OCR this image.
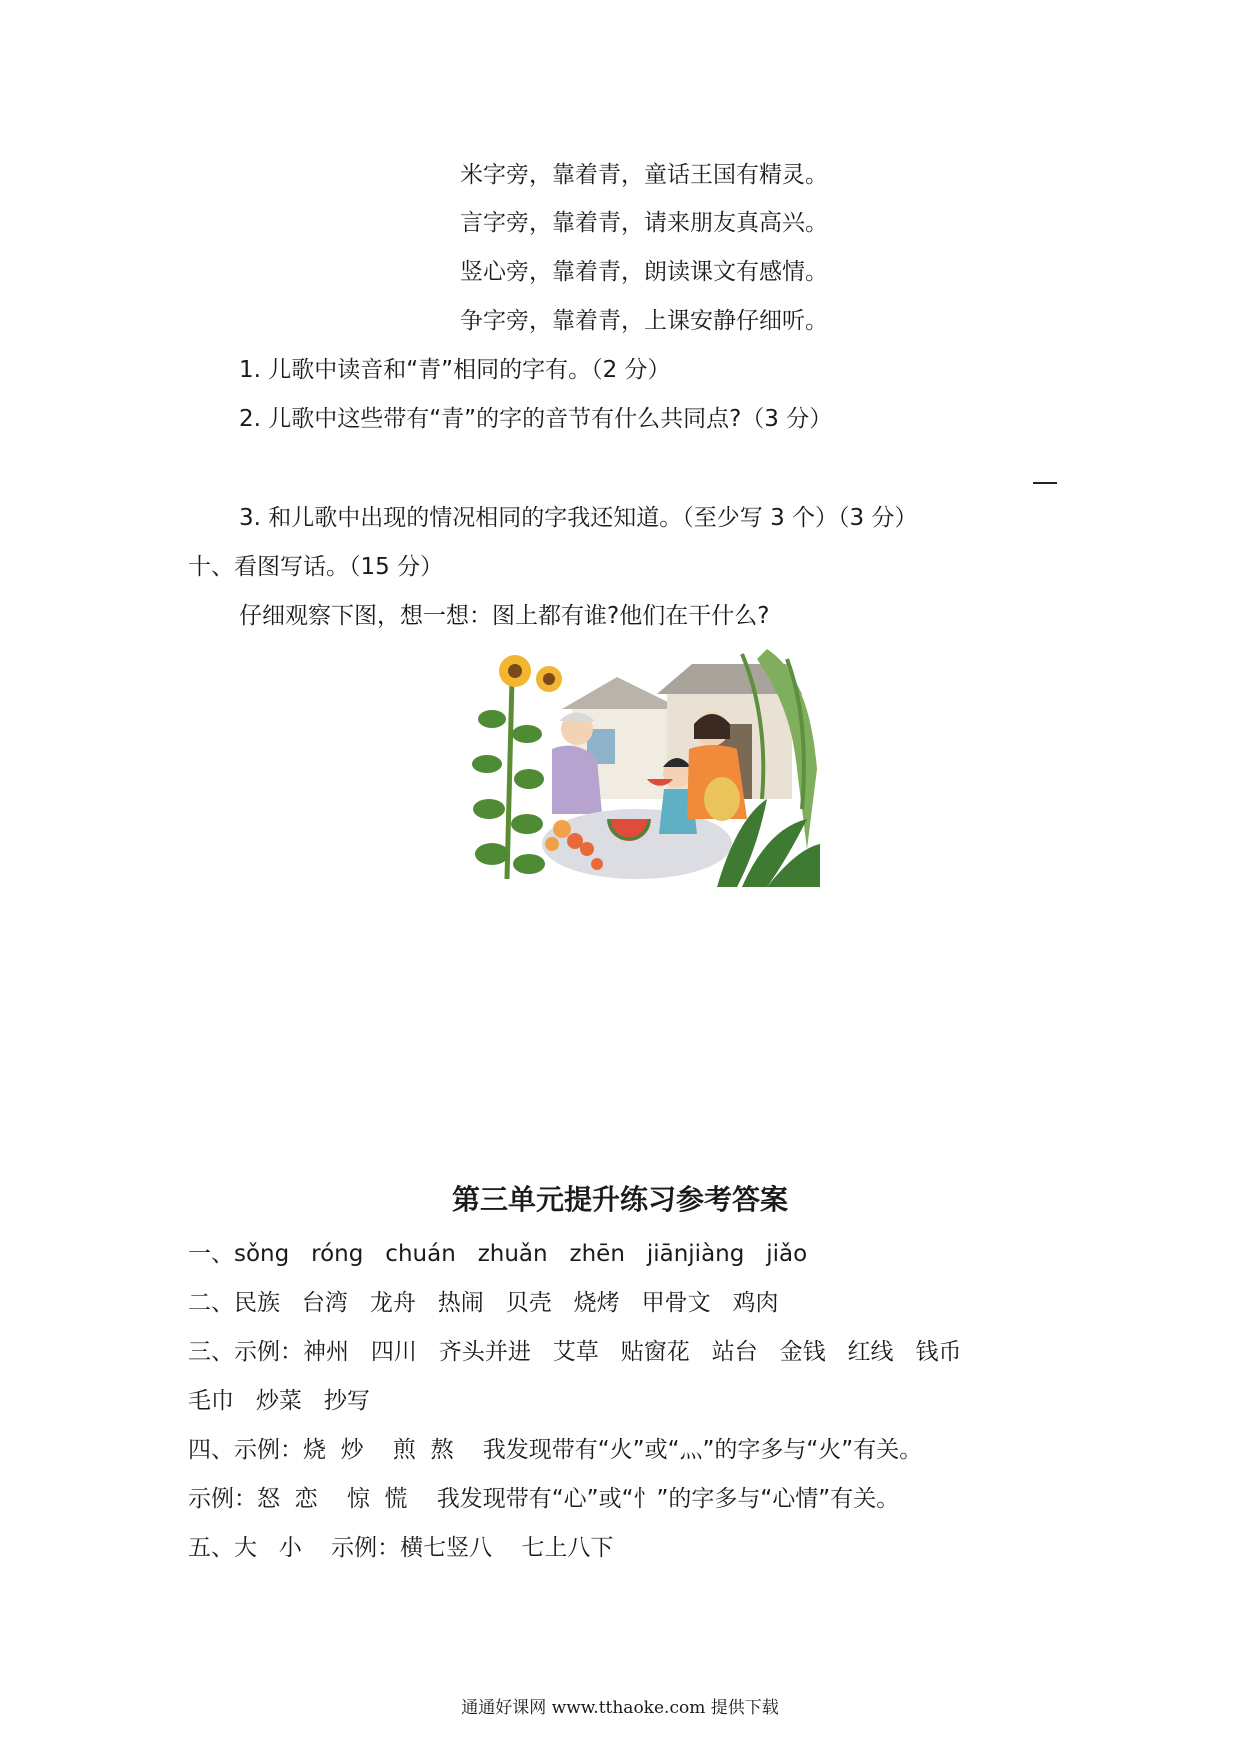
米字旁，靠着青，童话王国有精灵。
言字旁，靠着青，请来朋友真高兴。
竖心旁，靠着青，朗读课文有感情。
争字旁，靠着青，上课安静仔细听。
1. 儿歌中读音和“青”相同的字有。（2 分）
2. 儿歌中这些带有“青”的字的音节有什么共同点?（3 分）
3. 和儿歌中出现的情况相同的字我还知道。（至少写 3 个）（3 分）
十、看图写话。（15 分）
仔细观察下图，想一想：图上都有谁?他们在干什么?
第三单元提升练习参考答案
一、sǒng   róng   chuán   zhuǎn   zhēn   jiānjiàng   jiǎo
二、民族   台湾   龙舟   热闹   贝壳   烧烤   甲骨文   鸡肉
三、示例：神州   四川   齐头并进   艾草   贴窗花   站台   金钱   红线   钱币
毛巾   炒菜   抄写
四、示例：烧  炒    煎  熬    我发现带有“火”或“灬”的字多与“火”有关。
示例：怒  恋    惊  慌    我发现带有“心”或“忄”的字多与“心情”有关。
五、大   小    示例：横七竖八    七上八下
通通好课网 www.tthaoke.com 提供下载
